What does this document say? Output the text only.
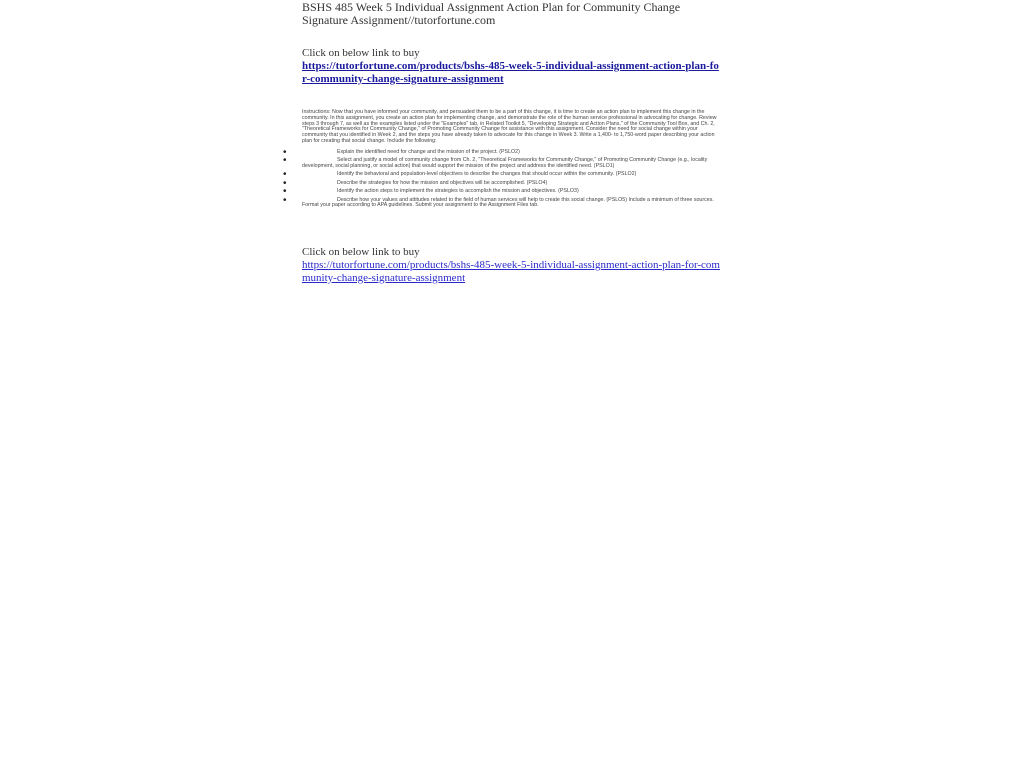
BSHS 485 Week 5 Individual Assignment Action Plan for Community Change Signature Assignment//tutorfortune.com

Click on below link to buy
https://tutorfortune.com/products/bshs-485-week-5-individual-assignment-action-plan-for-community-change-signature-assignment
Instructions: Now that you have informed your community, and persuaded them to be a part of this change, it is time to create an action plan to implement this change in the community. In this assignment, you create an action plan for implementing change, and demonstrate the role of the human service professional in advocating for change. Review steps 3 through 7, as well as the examples listed under the "Examples" tab, in Related Toolkit 5, "Developing Strategic and Action Plans," of the Community Tool Box, and Ch. 2, "Theoretical Frameworks for Community Change," of Promoting Community Change for assistance with this assignment. Consider the need for social change within your community that you identified in Week 2, and the steps you have already taken to advocate for this change in Week 3. Write a 1,400- to 1,750-word paper describing your action plan for creating that social change. Include the following:
•	Explain the identified need for change and the mission of the project. (PSLO2)
•	Select and justify a model of community change from Ch. 2, "Theoretical Frameworks for Community Change," of Promoting Community Change (e.g., locality development, social planning, or social action) that would support the mission of the project and address the identified need. (PSLO1)
•	Identify the behavioral and population-level objectives to describe the changes that should occur within the community. (PSLO2)
•	Describe the strategies for how the mission and objectives will be accomplished. (PSLO4)
•	Identify the action steps to implement the strategies to accomplish the mission and objectives. (PSLO3)
•	Describe how your values and attitudes related to the field of human services will help to create this social change. (PSLO5) Include a minimum of three sources. Format your paper according to APA guidelines. Submit your assignment to the Assignment Files tab.
Click on below link to buy
https://tutorfortune.com/products/bshs-485-week-5-individual-assignment-action-plan-for-community-change-signature-assignment
